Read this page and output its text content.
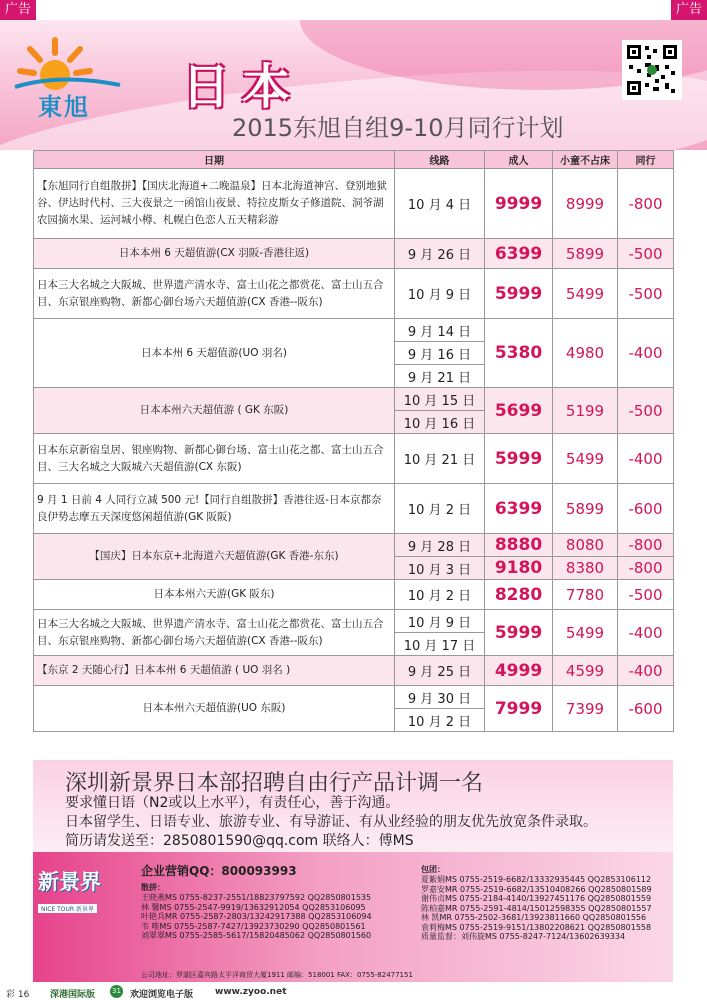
广告	广告
東旭 日本
2015东旭自组9-10月同行计划
日期	线路	成人	小童不占床	同行
【东旭同行自组散拼】【国庆北海道+二晚温泉】日本北海道神宫、登别地狱谷、伊达时代村、三大夜景之一函馆山夜景、特拉皮斯女子修道院、洞爷湖农园摘水果、运河城小樽、札幌白色恋人五天精彩游	10 月 4 日	9999	8999	-800
日本本州 6 天超值游(CX 羽阪-香港往返)	9 月 26 日	6399	5899	-500
日本三大名城之大阪城、世界遗产清水寺、富士山花之都赏花、富士山五合目、东京银座购物、新都心御台场六天超值游(CX 香港--阪东)	10 月 9 日	5999	5499	-500
日本本州 6 天超值游(UO 羽名)	9 月 14 日	5380	4980	-400
	9 月 16 日			
	9 月 21 日			
日本本州六天超值游 ( GK 东阪)	10 月 15 日	5699	5199	-500
	10 月 16 日			
日本东京新宿皇居、银座购物、新都心御台场、富士山花之都、富士山五合目、三大名城之大阪城六天超值游(CX 东阪)	10 月 21 日	5999	5499	-400
9 月 1 日前 4 人同行立减 500 元!【同行自组散拼】香港往返-日本京都奈良伊势志摩五天深度悠闲超值游(GK 阪阪)	10 月 2 日	6399	5899	-600
【国庆】日本东京+北海道六天超值游(GK 香港-东东)	9 月 28 日	8880	8080	-800
	10 月 3 日	9180	8380	-800
日本本州六天游(GK 阪东)	10 月 2 日	8280	7780	-500
日本三大名城之大阪城、世界遗产清水寺、富士山花之都赏花、富士山五合目、东京银座购物、新都心御台场六天超值游(CX 香港--阪东)	10 月 9 日	5999	5499	-400
	10 月 17 日			
【东京 2 天随心行】日本本州 6 天超值游 ( UO 羽名 )	9 月 25 日	4999	4599	-400
日本本州六天超值游(UO 东阪)	9 月 30 日	7999	7399	-600
	10 月 2 日			
深圳新景界日本部招聘自由行产品计调一名
要求懂日语（N2或以上水平），有责任心，善于沟通。
日本留学生、日语专业、旅游专业、有导游证、有从业经验的朋友优先放宽条件录取。
简历请发送至：2850801590@qq.com 联络人：傅MS
新景界
NICE TOUR 新景界
企业营销QQ：800093993
散拼：
王晓燕MS 0755-8237-2551/18823797592 QQ2850801535
林 馨MS 0755-2547-9919/13632912054 QQ2853106095
叶艳兵MR 0755-2587-2803/13242917388 QQ2853106094
韦 唯MS 0755-2587-7427/13923730290 QQ2850801561
刘翠翠MS 0755-2585-5617/15820485062 QQ2850801560
包团：
夏紫娟MS 0755-2519-6682/13332935445 QQ2853106112
罗嘉安MR 0755-2519-6682/13510408266 QQ2850801589
谢伟贞MS 0755-2184-4140/13927451176 QQ2850801559
陈柏嘉MR 0755-2591-4814/15012598355 QQ2850801557
林 凯MR 0755-2502-3681/13923811660 QQ2850801556
袁莉梅MS 0755-2519-9151/13802208621 QQ2850801558
质量监督：刘伟旋MS 0755-8247-7124/13602639334
公司地址：罗湖区嘉宾路太平洋商贸大厦1911 邮编：518001 FAX：0755-82477151
彩 16 深港国际版 31 欢迎浏览电子版 www.zyoo.net
